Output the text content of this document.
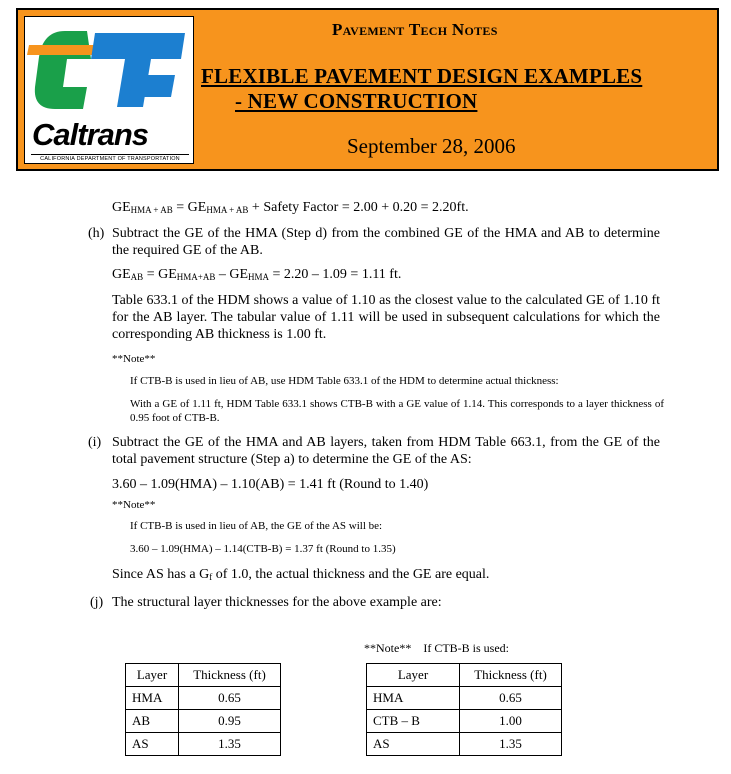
Caltrans
CALIFORNIA DEPARTMENT OF TRANSPORTATION
Pavement Tech Notes
FLEXIBLE PAVEMENT DESIGN EXAMPLES
- NEW CONSTRUCTION
September 28, 2006
$GE_{HMA + AB} = GE_{HMA + AB}$ + Safety Factor = 2.00 + 0.20 = 2.20ft.
(h) Subtract the GE of the HMA (Step d) from the combined GE of the HMA and AB to determine the required GE of the AB.
$GE_{AB} = GE_{HMA+AB} - GE_{HMA} = 2.20 - 1.09 = 1.11$ ft.
Table 633.1 of the HDM shows a value of 1.10 as the closest value to the calculated GE of 1.10 ft for the AB layer. The tabular value of 1.11 will be used in subsequent calculations for which the corresponding AB thickness is 1.00 ft.
**Note**
If CTB-B is used in lieu of AB, use HDM Table 633.1 of the HDM to determine actual thickness:
With a GE of 1.11 ft, HDM Table 633.1 shows CTB-B with a GE value of 1.14. This corresponds to a layer thickness of 0.95 foot of CTB-B.
(i) Subtract the GE of the HMA and AB layers, taken from HDM Table 663.1, from the GE of the total pavement structure (Step a) to determine the GE of the AS:
3.60 – 1.09(HMA) – 1.10(AB) = 1.41 ft (Round to 1.40)
**Note**
If CTB-B is used in lieu of AB, the GE of the AS will be:
3.60 – 1.09(HMA) – 1.14(CTB-B) = 1.37 ft (Round to 1.35)
Since AS has a $G_f$ of 1.0, the actual thickness and the GE are equal.
(j) The structural layer thicknesses for the above example are:
**Note** If CTB-B is used:
Layer	Thickness (ft)
HMA	0.65
AB	0.95
AS	1.35
Layer	Thickness (ft)
HMA	0.65
CTB – B	1.00
AS	1.35
